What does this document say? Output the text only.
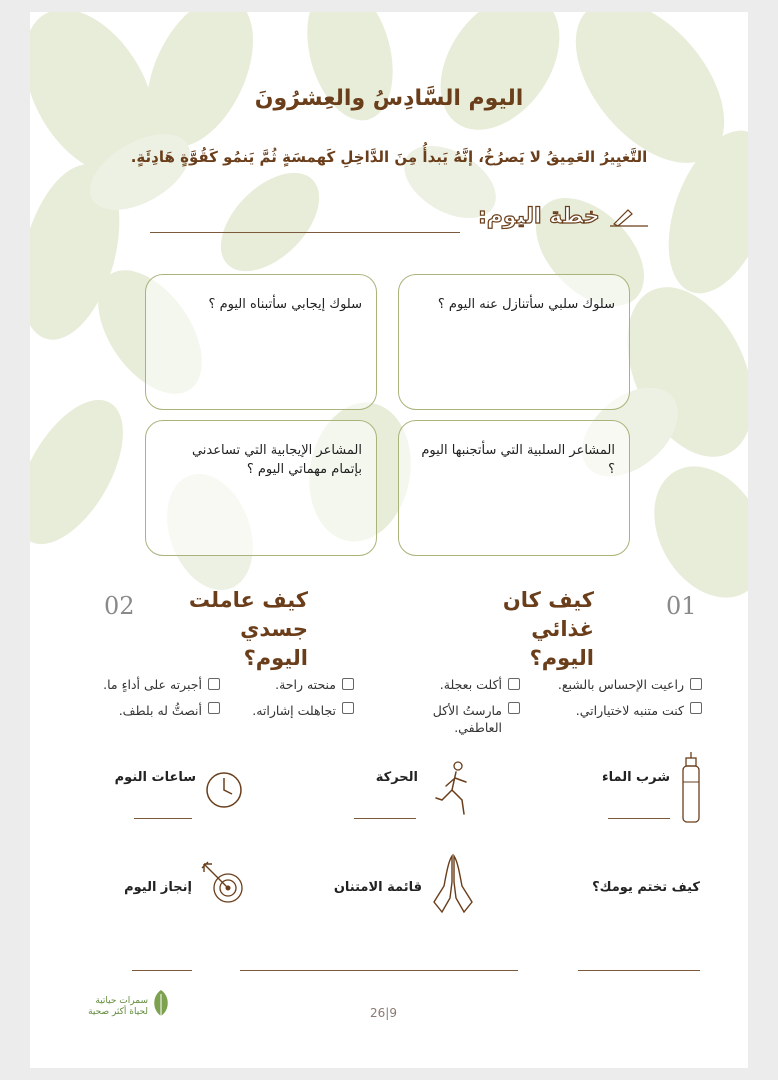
اليوم السَّادِسُ والعِشرُونَ
التَّغيِيرُ العَمِيقُ لا يَصرُخُ، إنَّهُ يَبدأُ مِنَ الدَّاخِلِ كَهمسَةٍ ثُمَّ يَنمُو كَقُوَّةٍ هَادِئَةٍ.
خطة اليوم:
سلوك سلبي سأتنازل عنه اليوم ؟
سلوك إيجابي سأتبناه اليوم ؟
المشاعر السلبية التي سأتجنبها اليوم ؟
المشاعر الإيجابية التي تساعدني بإتمام مهماتي اليوم ؟
01
كيف كان غذائي اليوم؟
02	كيف عاملت جسدي اليوم؟
راعيت الإحساس بالشبع.
أكلت بعجلة.
كنت متنبه لاختياراتي.
مارستُ الأكل العاطفي.
منحته راحة.
أجبرته على أداءٍ ما.
تجاهلت إشاراته.
أنصتُّ له بلطف.
شرب الماء
الحركة
ساعات النوم
كيف تختم يومك؟
قائمة الامتنان
إنجاز اليوم
سمرات حياتية
لحياة أكثر صحية	26|9
